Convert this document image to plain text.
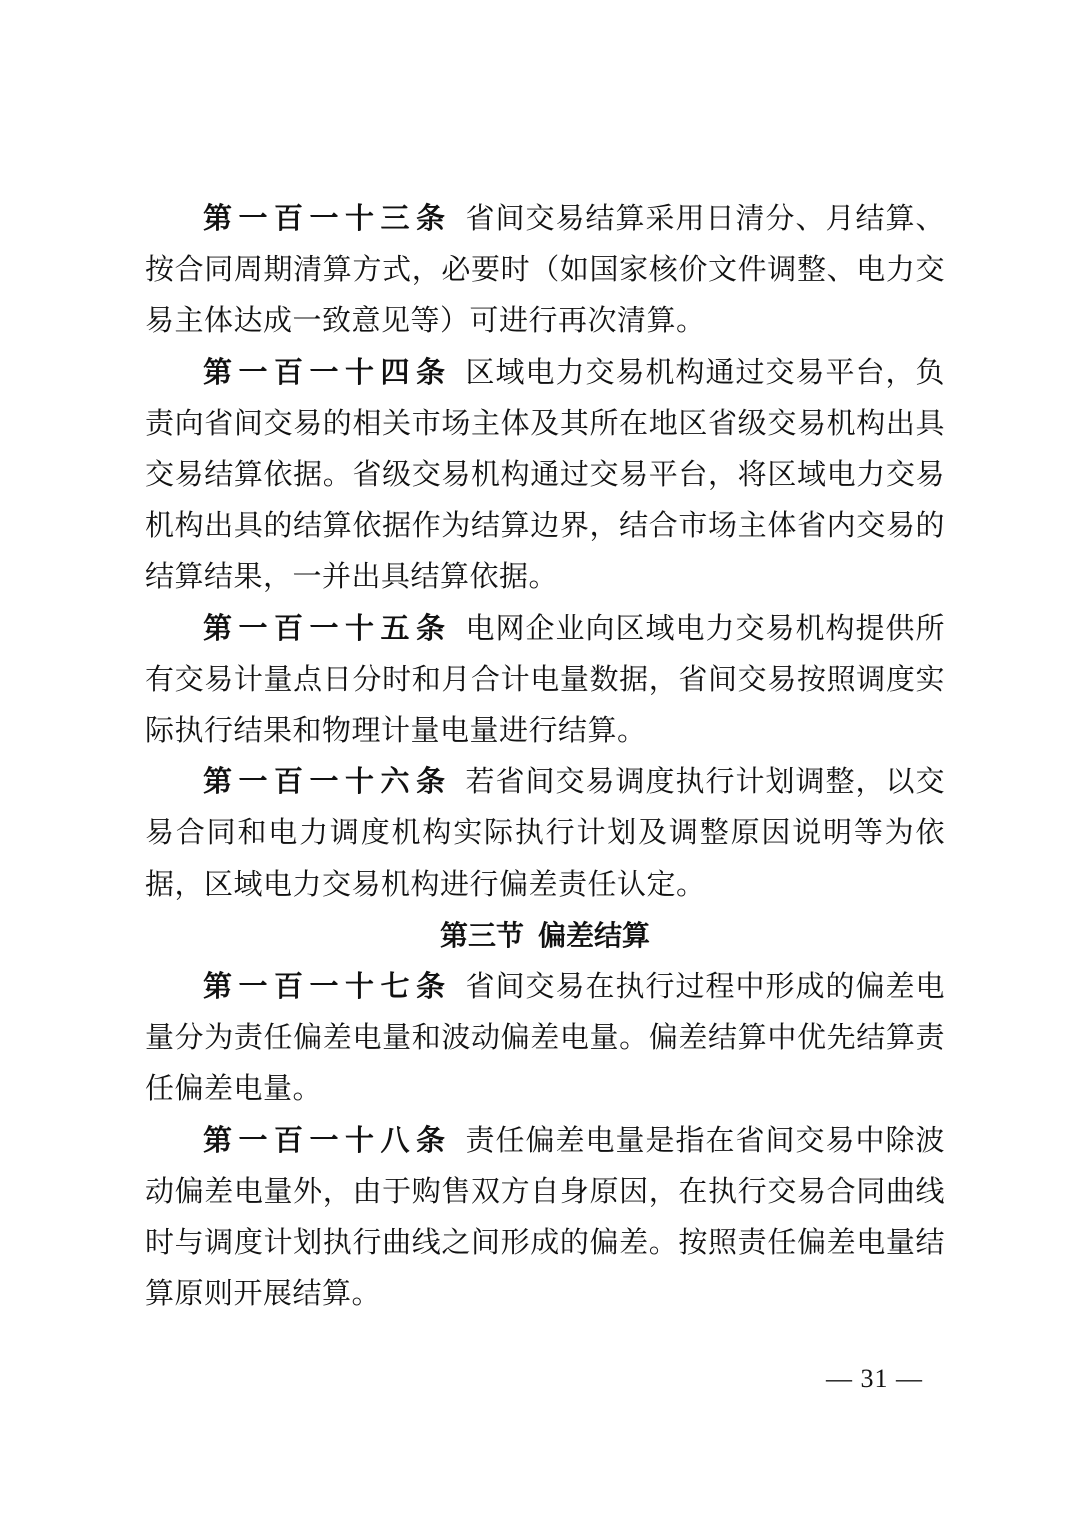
第一百一十三条 省间交易结算采用日清分、月结算、按合同周期清算方式，必要时（如国家核价文件调整、电力交易主体达成一致意见等）可进行再次清算。

第一百一十四条 区域电力交易机构通过交易平台，负责向省间交易的相关市场主体及其所在地区省级交易机构出具交易结算依据。省级交易机构通过交易平台，将区域电力交易机构出具的结算依据作为结算边界，结合市场主体省内交易的结算结果，一并出具结算依据。

第一百一十五条 电网企业向区域电力交易机构提供所有交易计量点日分时和月合计电量数据，省间交易按照调度实际执行结果和物理计量电量进行结算。

第一百一十六条 若省间交易调度执行计划调整，以交易合同和电力调度机构实际执行计划及调整原因说明等为依据，区域电力交易机构进行偏差责任认定。

第三节 偏差结算

第一百一十七条 省间交易在执行过程中形成的偏差电量分为责任偏差电量和波动偏差电量。偏差结算中优先结算责任偏差电量。

第一百一十八条 责任偏差电量是指在省间交易中除波动偏差电量外，由于购售双方自身原因，在执行交易合同曲线时与调度计划执行曲线之间形成的偏差。按照责任偏差电量结算原则开展结算。

— 31 —
